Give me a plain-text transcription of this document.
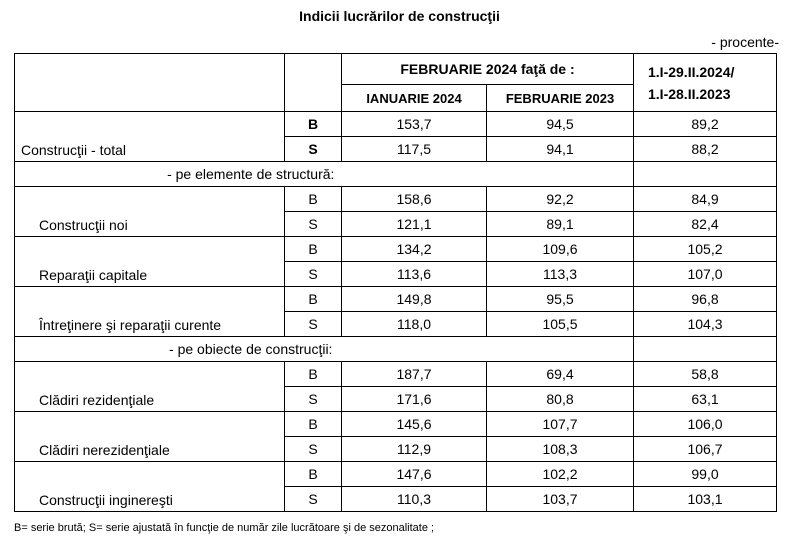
Indicii lucrărilor de construcţii
- procente-
		FEBRUARIE 2024 faţă de :		1.I-29.II.2024/
1.I-28.II.2023

		IANUARIE 2024	FEBRUARIE 2023	
Construcţii - total	B	153,7	94,5	89,2
	S	117,5	94,1	88,2
- pe elemente de structură:				
Construcţii noi	B	158,6	92,2	84,9
	S	121,1	89,1	82,4
Reparaţii capitale	B	134,2	109,6	105,2
	S	113,6	113,3	107,0
Întreţinere şi reparaţii curente	B	149,8	95,5	96,8
	S	118,0	105,5	104,3
- pe obiecte de construcţii:				
Clădiri rezidenţiale	B	187,7	69,4	58,8
	S	171,6	80,8	63,1
Clădiri nerezidenţiale	B	145,6	107,7	106,0
	S	112,9	108,3	106,7
Construcţii inginereşti	B	147,6	102,2	99,0
	S	110,3	103,7	103,1
B= serie brută; S= serie ajustată în funcţie de număr zile lucrătoare şi de sezonalitate ;
